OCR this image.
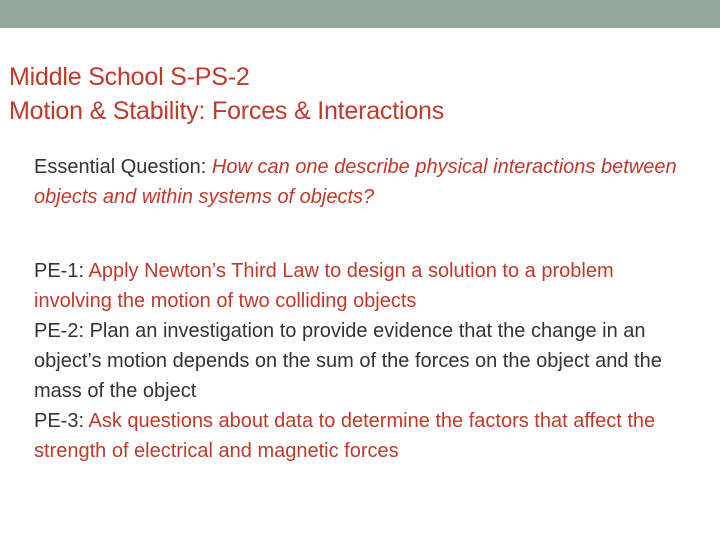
Middle School S-PS-2
Motion & Stability: Forces & Interactions

Essential Question: How can one describe physical interactions between objects and within systems of objects?

PE-1: Apply Newton’s Third Law to design a solution to a problem involving the motion of two colliding objects

PE-2: Plan an investigation to provide evidence that the change in an object’s motion depends on the sum of the forces on the object and the mass of the object

PE-3: Ask questions about data to determine the factors that affect the strength of electrical and magnetic forces
